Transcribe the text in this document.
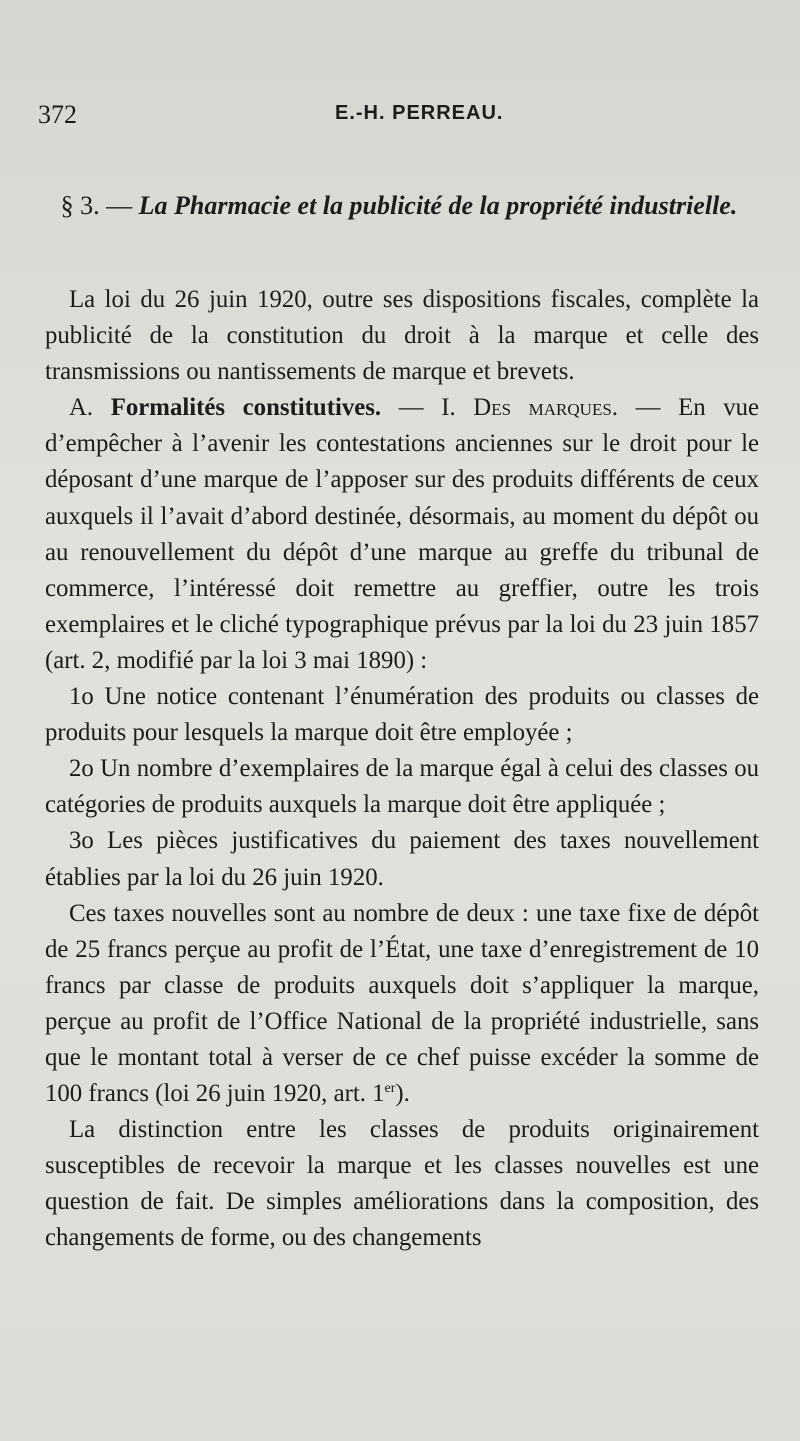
372	E.-H. PERREAU.
§ 3. — La Pharmacie et la publicité de la propriété industrielle.

La loi du 26 juin 1920, outre ses dispositions fiscales, complète la publicité de la constitution du droit à la marque et celle des transmissions ou nantissements de marque et brevets.

A. Formalités constitutives. — I. Des marques. — En vue d’empêcher à l’avenir les contestations anciennes sur le droit pour le déposant d’une marque de l’apposer sur des produits différents de ceux auxquels il l’avait d’abord destinée, désormais, au moment du dépôt ou au renouvellement du dépôt d’une marque au greffe du tribunal de commerce, l’intéressé doit remettre au greffier, outre les trois exemplaires et le cliché typographique prévus par la loi du 23 juin 1857 (art. 2, modifié par la loi 3 mai 1890) :

1o Une notice contenant l’énumération des produits ou classes de produits pour lesquels la marque doit être employée ;

2o Un nombre d’exemplaires de la marque égal à celui des classes ou catégories de produits auxquels la marque doit être appliquée ;

3o Les pièces justificatives du paiement des taxes nouvellement établies par la loi du 26 juin 1920.

Ces taxes nouvelles sont au nombre de deux : une taxe fixe de dépôt de 25 francs perçue au profit de l’État, une taxe d’enregistrement de 10 francs par classe de produits auxquels doit s’appliquer la marque, perçue au profit de l’Office National de la propriété industrielle, sans que le montant total à verser de ce chef puisse excéder la somme de 100 francs (loi 26 juin 1920, art. 1er).

La distinction entre les classes de produits originairement susceptibles de recevoir la marque et les classes nouvelles est une question de fait. De simples améliorations dans la composition, des changements de forme, ou des changements
